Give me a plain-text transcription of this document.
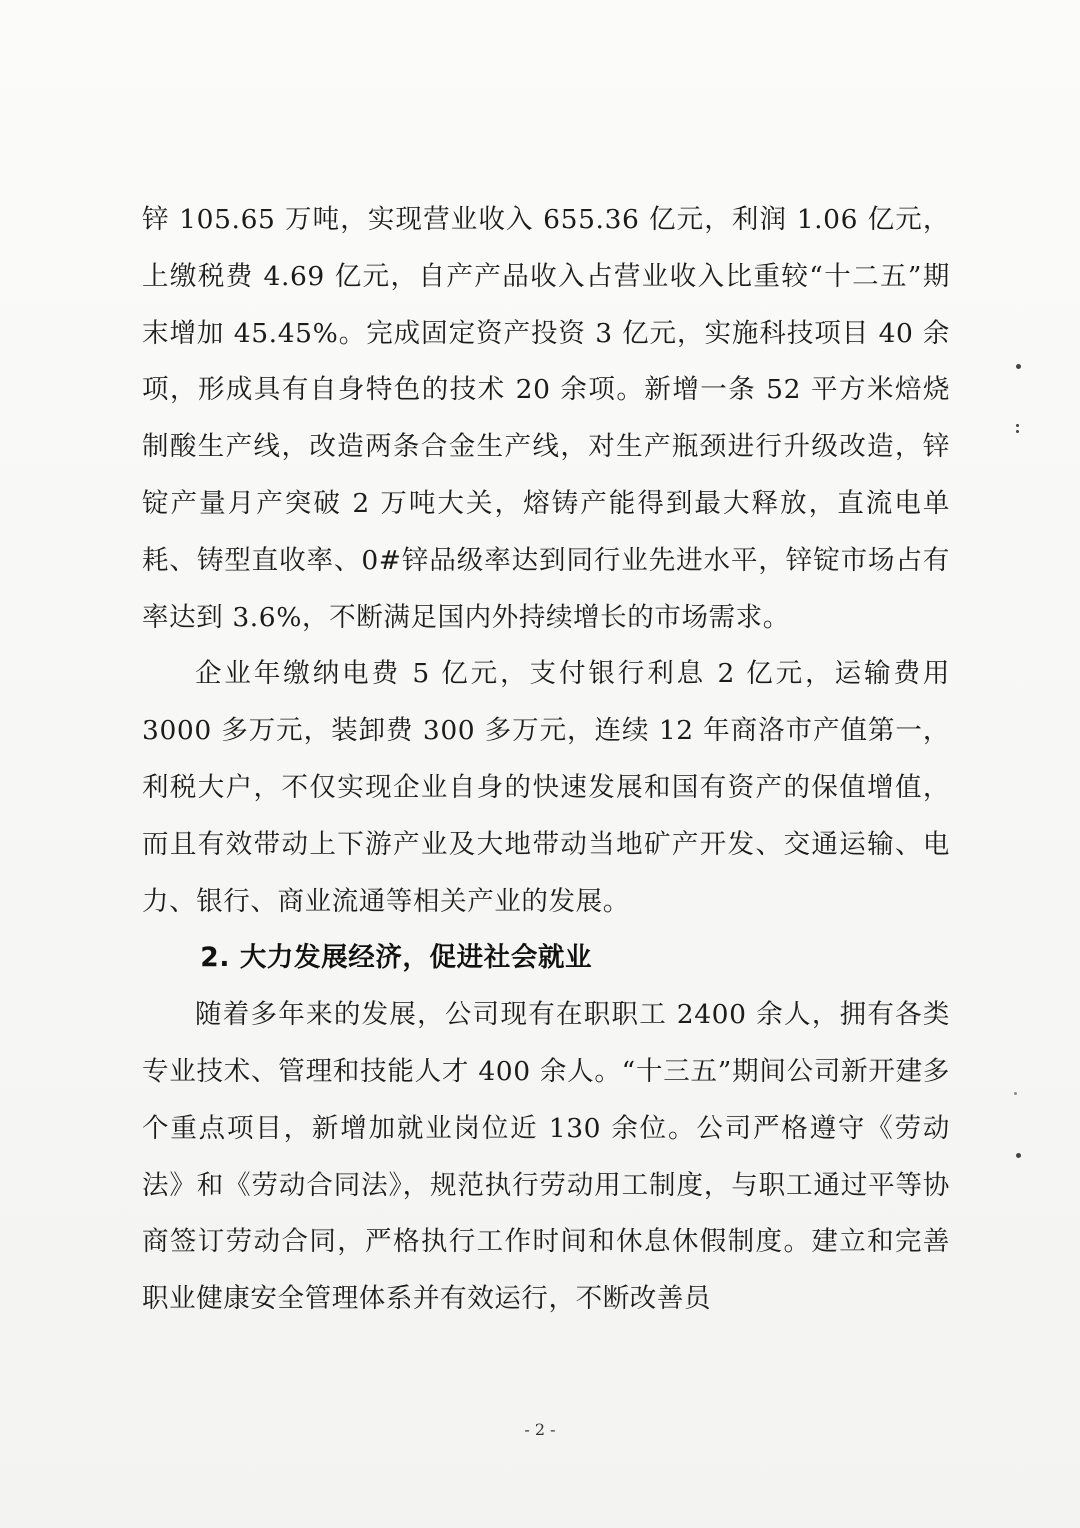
锌 105.65 万吨，实现营业收入 655.36 亿元，利润 1.06 亿元，上缴税费 4.69 亿元，自产产品收入占营业收入比重较“十二五”期末增加 45.45%。完成固定资产投资 3 亿元，实施科技项目 40 余项，形成具有自身特色的技术 20 余项。新增一条 52 平方米焙烧制酸生产线，改造两条合金生产线，对生产瓶颈进行升级改造，锌锭产量月产突破 2 万吨大关，熔铸产能得到最大释放，直流电单耗、铸型直收率、0#锌品级率达到同行业先进水平，锌锭市场占有率达到 3.6%，不断满足国内外持续增长的市场需求。

企业年缴纳电费 5 亿元，支付银行利息 2 亿元，运输费用 3000 多万元，装卸费 300 多万元，连续 12 年商洛市产值第一，利税大户，不仅实现企业自身的快速发展和国有资产的保值增值，而且有效带动上下游产业及大地带动当地矿产开发、交通运输、电力、银行、商业流通等相关产业的发展。

2. 大力发展经济，促进社会就业

随着多年来的发展，公司现有在职职工 2400 余人，拥有各类专业技术、管理和技能人才 400 余人。“十三五”期间公司新开建多个重点项目，新增加就业岗位近 130 余位。公司严格遵守《劳动法》和《劳动合同法》，规范执行劳动用工制度，与职工通过平等协商签订劳动合同，严格执行工作时间和休息休假制度。建立和完善职业健康安全管理体系并有效运行，不断改善员

- 2 -
